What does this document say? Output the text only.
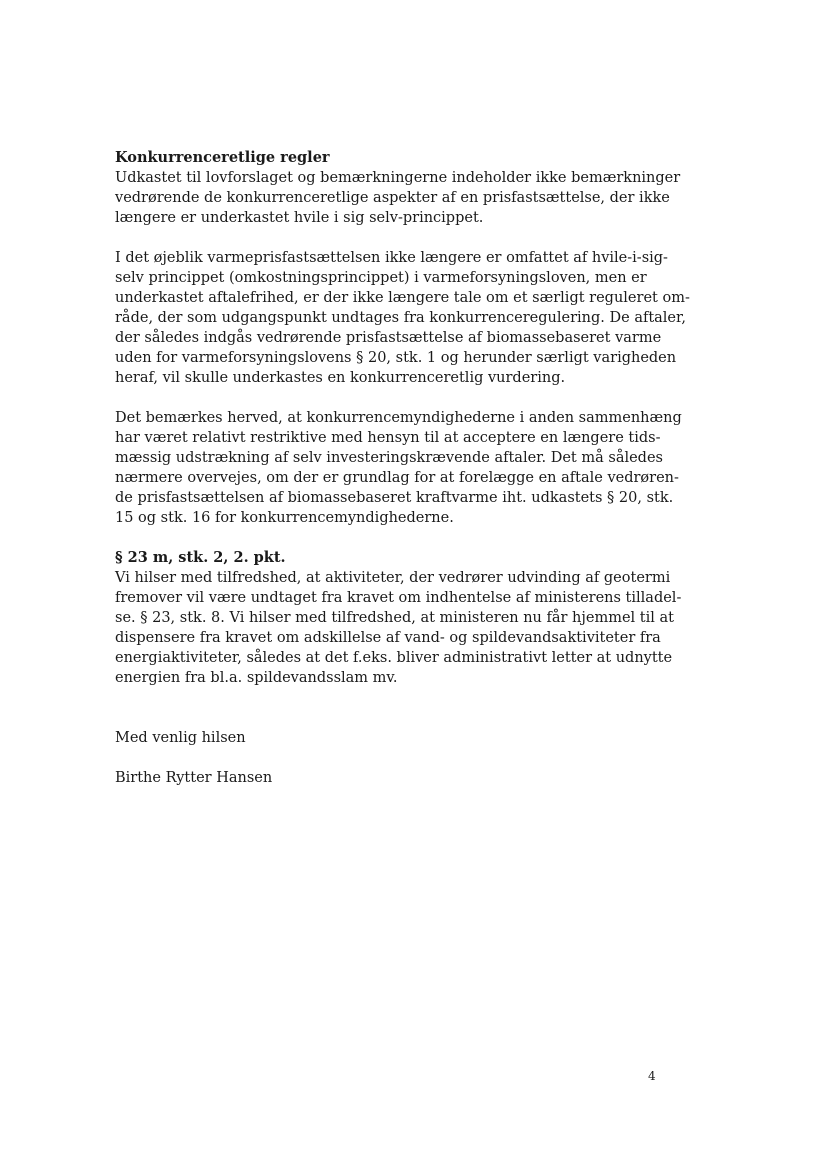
Konkurrenceretlige regler
Udkastet til lovforslaget og bemærkningerne indeholder ikke bemærkninger
vedrørende de konkurrenceretlige aspekter af en prisfastsættelse, der ikke
længere er underkastet hvile i sig selv-princippet.
I det øjeblik varmeprisfastsættelsen ikke længere er omfattet af hvile-i-sig-
selv princippet (omkostningsprincippet) i varmeforsyningsloven, men er
underkastet aftalefrihed, er der ikke længere tale om et særligt reguleret om-
råde, der som udgangspunkt undtages fra konkurrenceregulering. De aftaler,
der således indgås vedrørende prisfastsættelse af biomassebaseret varme
uden for varmeforsyningslovens § 20, stk. 1 og herunder særligt varigheden
heraf, vil skulle underkastes en konkurrenceretlig vurdering.
Det bemærkes herved, at konkurrencemyndighederne i anden sammenhæng
har været relativt restriktive med hensyn til at acceptere en længere tids-
mæssig udstrækning af selv investeringskrævende aftaler. Det må således
nærmere overvejes, om der er grundlag for at forelægge en aftale vedrøren-
de prisfastsættelsen af biomassebaseret kraftvarme iht. udkastets § 20, stk.
15 og stk. 16 for konkurrencemyndighederne.
§ 23 m, stk. 2, 2. pkt.
Vi hilser med tilfredshed, at aktiviteter, der vedrører udvinding af geotermi
fremover vil være undtaget fra kravet om indhentelse af ministerens tilladel-
se. § 23, stk. 8. Vi hilser med tilfredshed, at ministeren nu får hjemmel til at
dispensere fra kravet om adskillelse af vand- og spildevandsaktiviteter fra
energiaktiviteter, således at det f.eks. bliver administrativt letter at udnytte
energien fra bl.a. spildevandsslam mv.
Med venlig hilsen
Birthe Rytter Hansen
4
